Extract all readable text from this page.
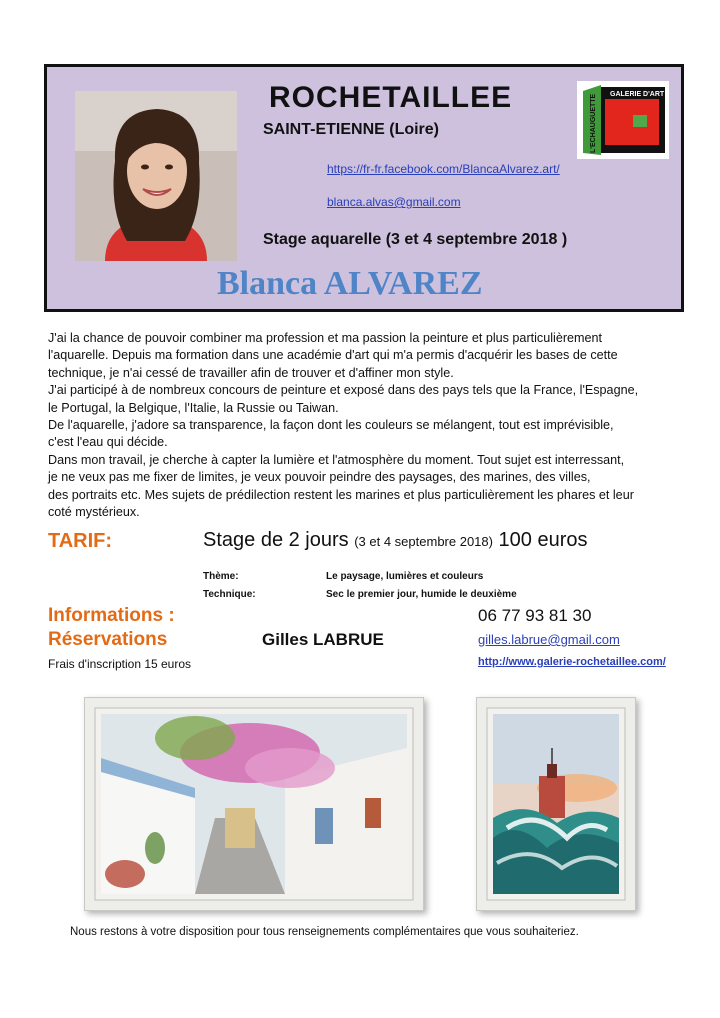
ROCHETAILLEE
SAINT-ETIENNE (Loire)
https://fr-fr.facebook.com/BlancaAlvarez.art/
blanca.alvas@gmail.com
Stage aquarelle (3 et 4 septembre 2018 )
Blanca ALVAREZ
GALERIE D'ART
L'ECHAUGUETTE
J'ai la chance de pouvoir combiner ma profession et ma passion la peinture et plus particulièrement
l'aquarelle. Depuis ma formation dans une académie d'art qui m'a permis d'acquérir les bases de cette
technique, je n'ai cessé de travailler afin de trouver et d'affiner mon style.
J'ai participé à de nombreux concours de peinture et exposé dans des pays tels que la France, l'Espagne,
le Portugal, la Belgique, l'Italie, la Russie ou Taiwan.
De l'aquarelle, j'adore sa transparence, la façon dont les couleurs se mélangent, tout est imprévisible,
c'est l'eau qui décide.
Dans mon travail, je cherche à capter la lumière et l'atmosphère du moment. Tout sujet est interressant,
je ne veux pas me fixer de limites, je veux pouvoir peindre des paysages, des marines, des villes,
des portraits etc. Mes sujets de prédilection restent les marines et plus particulièrement les phares et leur
coté mystérieux.
TARIF:	Stage de 2 jours (3 et 4 septembre 2018) 100 euros
Thème:	Le paysage, lumières et couleurs
Technique:	Sec le premier jour, humide le deuxième
Informations :
Réservations
Frais d'inscription 15 euros
Gilles LABRUE
06 77 93 81 30
gilles.labrue@gmail.com
http://www.galerie-rochetaillee.com/
Nous restons à votre disposition pour tous renseignements complémentaires que vous souhaiteriez.
